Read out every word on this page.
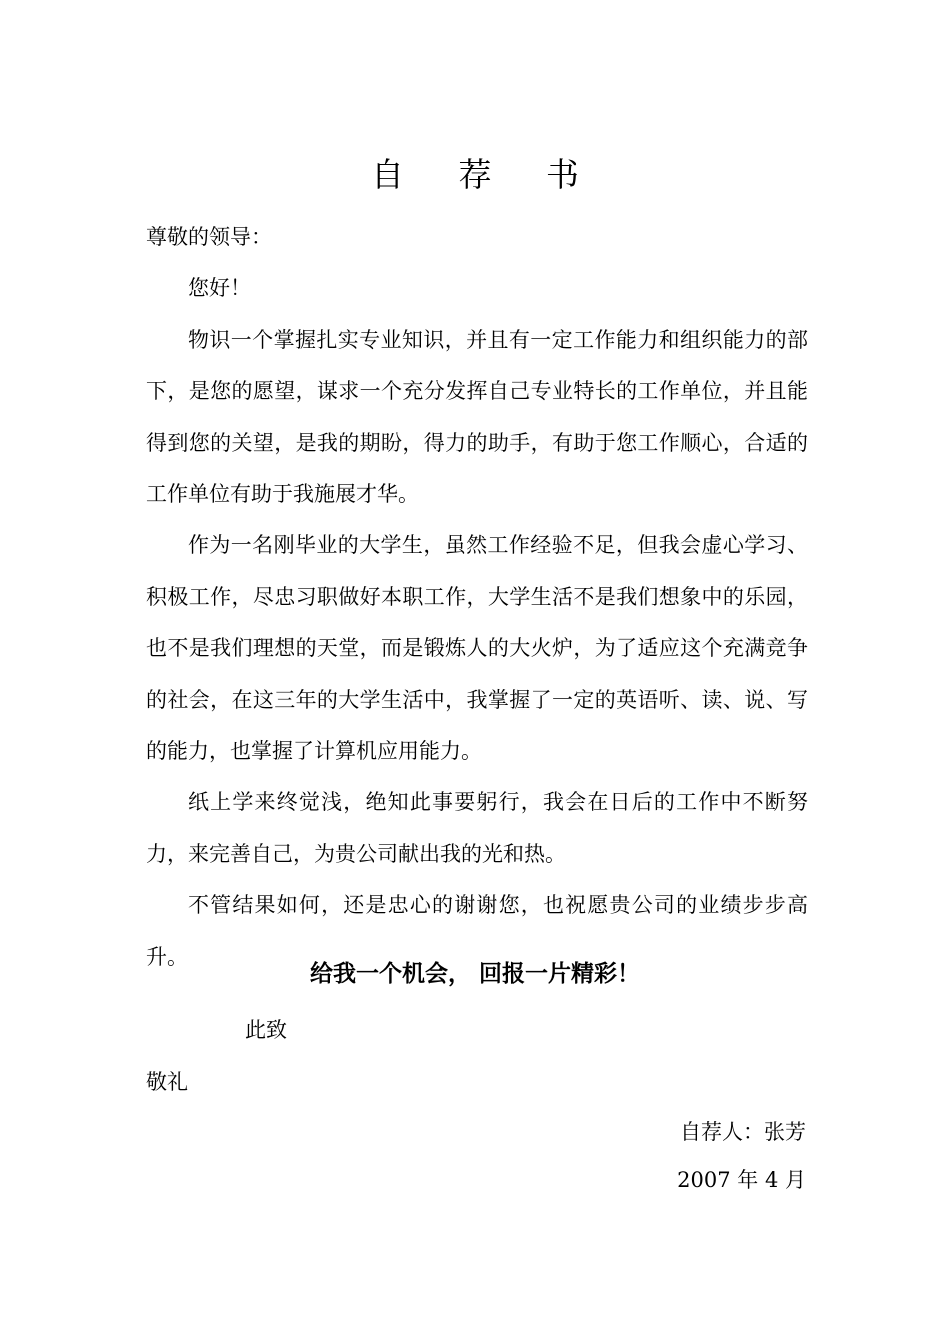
自 荐 书

尊敬的领导：

您好！

物识一个掌握扎实专业知识，并且有一定工作能力和组织能力的部下，是您的愿望，谋求一个充分发挥自己专业特长的工作单位，并且能得到您的关望，是我的期盼，得力的助手，有助于您工作顺心，合适的工作单位有助于我施展才华。

作为一名刚毕业的大学生，虽然工作经验不足，但我会虚心学习、积极工作，尽忠习职做好本职工作，大学生活不是我们想象中的乐园，也不是我们理想的天堂，而是锻炼人的大火炉，为了适应这个充满竞争的社会，在这三年的大学生活中，我掌握了一定的英语听、读、说、写的能力，也掌握了计算机应用能力。

纸上学来终觉浅，绝知此事要躬行，我会在日后的工作中不断努力，来完善自己，为贵公司献出我的光和热。

不管结果如何，还是忠心的谢谢您，也祝愿贵公司的业绩步步高升。

给我一个机会， 回报一片精彩！
此致
敬礼
自荐人：张芳
2007 年 4 月
